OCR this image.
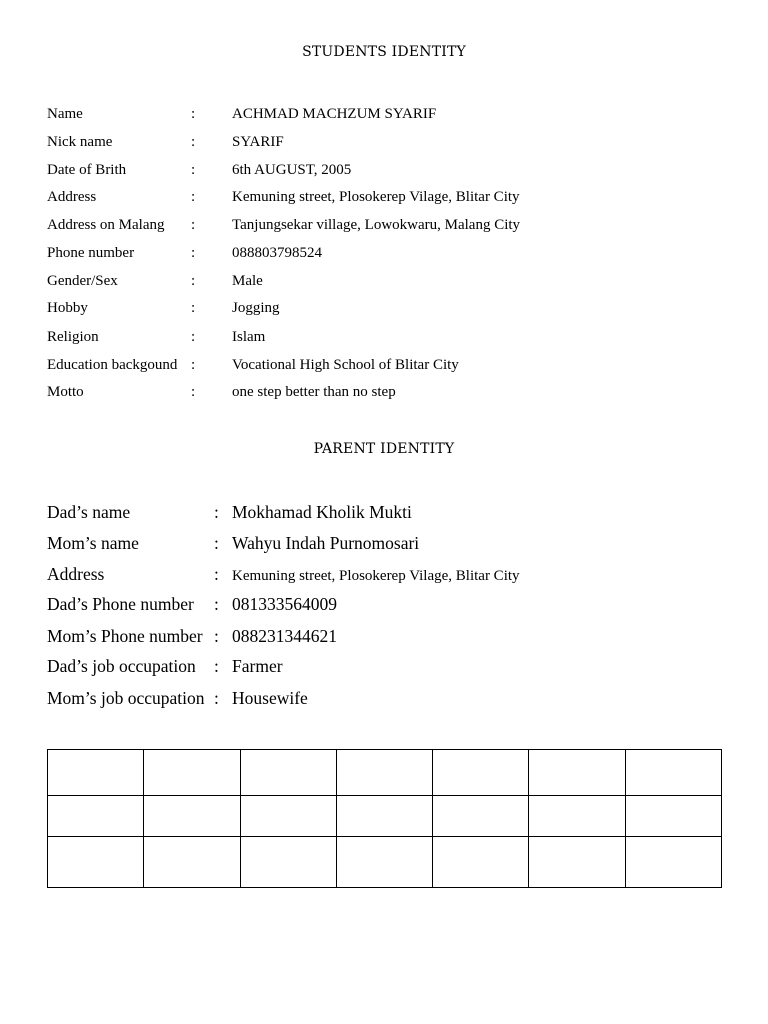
STUDENTS IDENTITY
Name	: ACHMAD MACHZUM SYARIF
Nick name	: SYARIF
Date of Brith	: 6th AUGUST, 2005
Address	: Kemuning street, Plosokerep Vilage, Blitar City
Address on Malang : Tanjungsekar village, Lowokwaru, Malang City
Phone number	: 088803798524
Gender/Sex	: Male
Hobby	: Jogging
Religion	: Islam
Education backgound : Vocational High School of Blitar City
Motto	: one step better than no step
PARENT IDENTITY
Dad’s name	: Mokhamad Kholik Mukti
Mom’s name	: Wahyu Indah Purnomosari
Address	: Kemuning street, Plosokerep Vilage, Blitar City
Dad’s Phone number : 081333564009
Mom’s Phone number : 088231344621
Dad’s job occupation : Farmer
Mom’s job occupation : Housewife
